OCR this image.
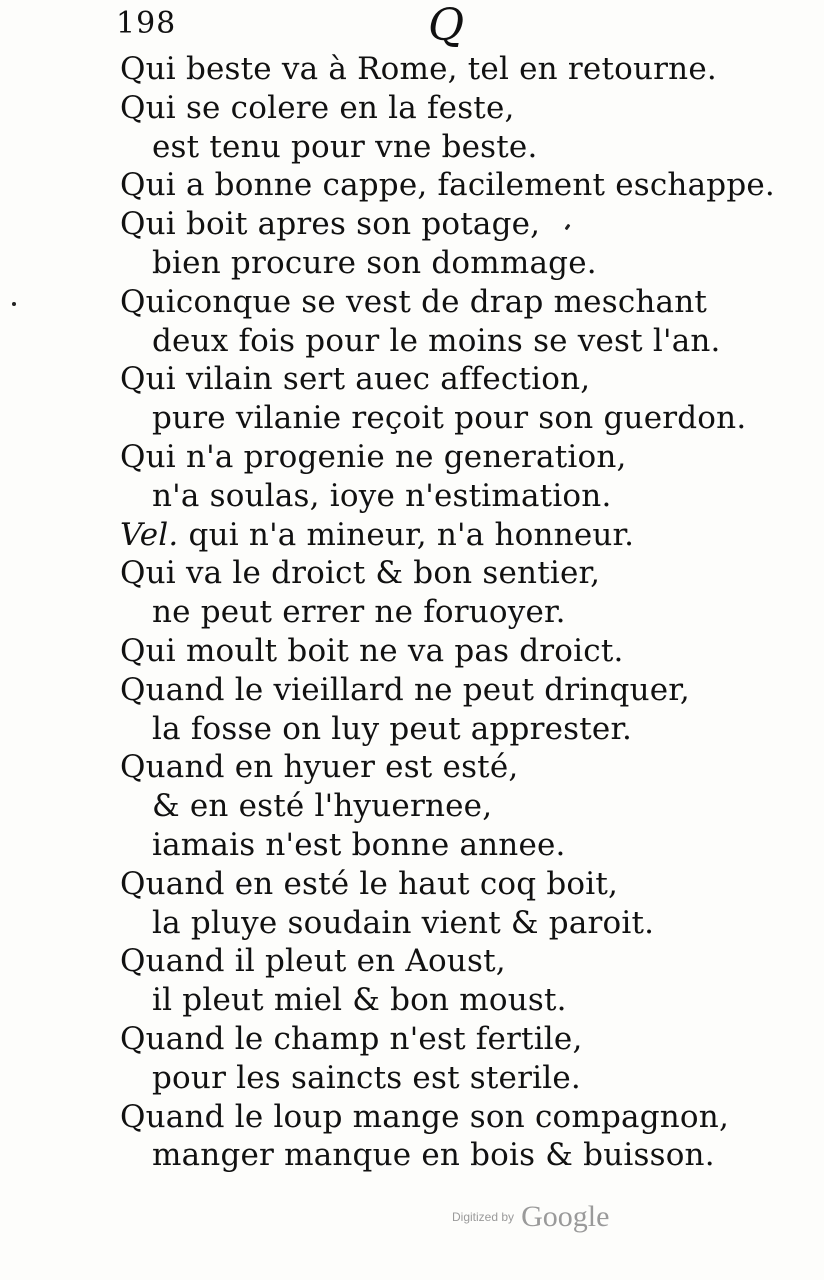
198	Q
Qui beste va à Rome, tel en retourne.
Qui se colere en la feste,
est tenu pour vne beste.
Qui a bonne cappe, facilement eschappe.
Qui boit apres son potage,
bien procure son dommage.
Quiconque se vest de drap meschant
deux fois pour le moins se vest l'an.
Qui vilain sert auec affection,
pure vilanie reçoit pour son guerdon.
Qui n'a progenie ne generation,
n'a soulas, ioye n'estimation.
Vel. qui n'a mineur, n'a honneur.
Qui va le droict & bon sentier,
ne peut errer ne foruoyer.
Qui moult boit ne va pas droict.
Quand le vieillard ne peut drinquer,
la fosse on luy peut apprester.
Quand en hyuer est esté,
& en esté l'hyuernee,
iamais n'est bonne annee.
Quand en esté le haut coq boit,
la pluye soudain vient & paroit.
Quand il pleut en Aoust,
il pleut miel & bon moust.
Quand le champ n'est fertile,
pour les saincts est sterile.
Quand le loup mange son compagnon,
manger manque en bois & buisson.
Digitized by Google
